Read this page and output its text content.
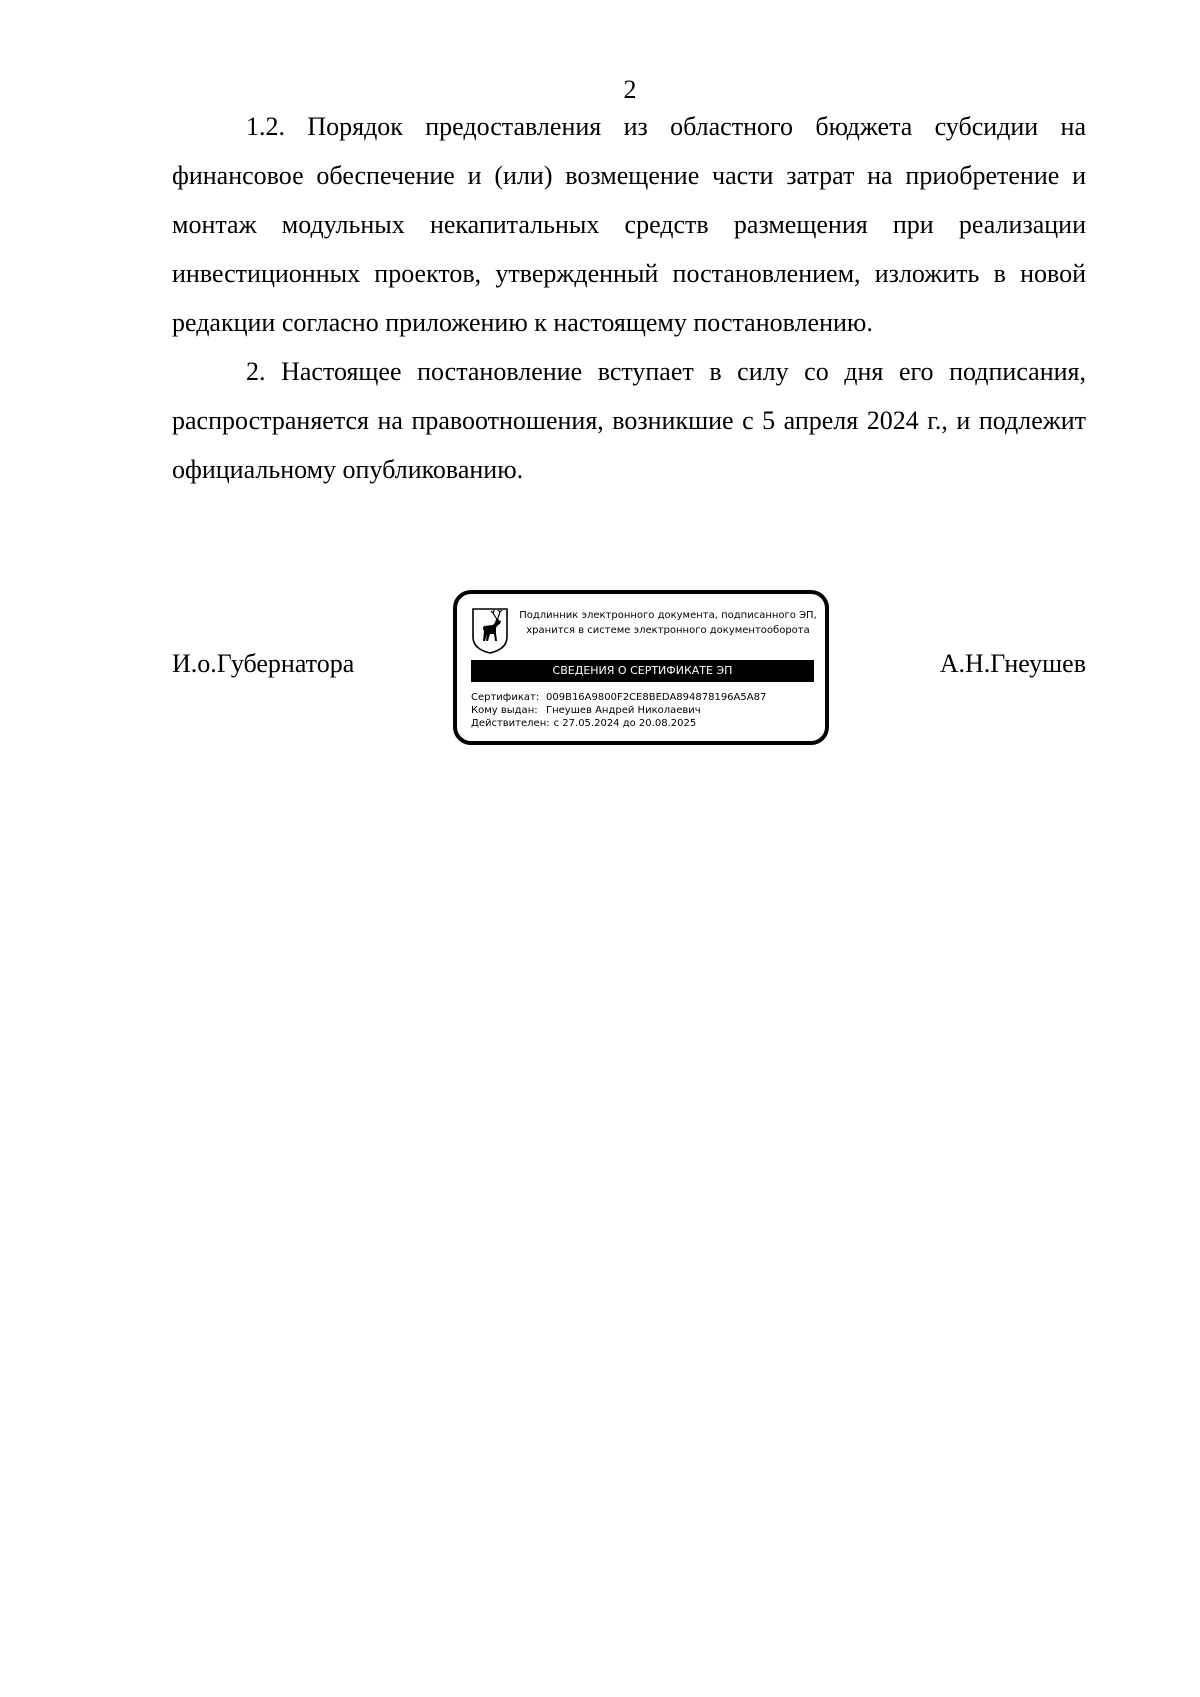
2

1.2. Порядок предоставления из областного бюджета субсидии на финансовое обеспечение и (или) возмещение части затрат на приобретение и монтаж модульных некапитальных средств размещения при реализации инвестиционных проектов, утвержденный постановлением, изложить в новой редакции согласно приложению к настоящему постановлению.

2. Настоящее постановление вступает в силу со дня его подписания, распространяется на правоотношения, возникшие с 5 апреля 2024 г., и подлежит официальному опубликованию.

И.о.Губернатора
Подлинник электронного документа, подписанного ЭП,
хранится в системе электронного документооборота
СВЕДЕНИЯ О СЕРТИФИКАТЕ ЭП
Сертификат: 009B16A9800F2CE8BEDA894878196A5A87
Кому выдан: Гнеушев Андрей Николаевич
Действителен: с 27.05.2024 до 20.08.2025
А.Н.Гнеушев
